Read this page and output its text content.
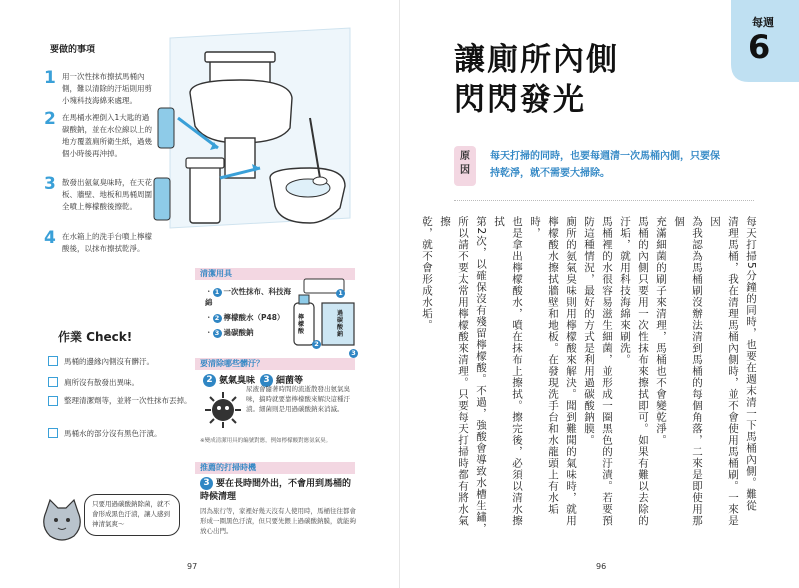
要做的事項
1 用一次性抹布擦拭馬桶內側，難以清除的汙垢則用剪小塊科技海綿來處理。
2 在馬桶水裡倒入1大匙的過碳酸鈉，並在水位線以上的地方覆蓋廁所衛生紙，過幾個小時後再沖掉。
3 散發出氨氣臭味時，在天花板、牆壁、地板和馬桶周圍全噴上檸檬酸後擦乾。
4 在水箱上的洗手台噴上檸檬酸後，以抹布擦拭乾淨。
作業 Check!
馬桶的邊緣內側沒有髒汙。
廁所沒有散發出異味。
整理清潔劑等，並將一次性抹布丟掉。
馬桶水的部分沒有黑色汙漬。
清潔用具
・ 1 一次性抹布、科技海綿
・ 2 檸檬酸水（P48）
・ 3 過碳酸鈉
檸檬酸
過碳酸鈉
1
2
3
要清除哪些髒汙？
2 氨氣臭味 3 細菌等
尿液會隨著時間的流逝散發出氨氣臭味，搞時就要靠檸檬酸來解決這種汙漬。細菌則是用過碳酸鈉來消滅。
※變成清潔用具的編號對應，例如檸檬酸對應氨氣臭。
推薦的打掃時機
3 要在長時間外出，不會用到馬桶的時候清理
因為旅行等，家裡好幾天沒有人使用時，馬桶往往都會形成一圈黑色汙漬，但只要先餵上過碳酸鈉膜，就能夠放心出門。
只要用過碳酸鈉除菌，就不會形成黑色汙漬，讓人感到神清氣爽〜
97
每週
6
讓廁所內側
閃閃發光
原因
每天打掃的同時，也要每週清一次馬桶內側，只要保持乾淨，就不需要大掃除。
每天打掃5分鐘的同時，也要在週末清一下馬桶內側。難從
清理馬桶，我在清理馬桶內側時，並不會使用馬桶刷。一來是因
為我認為馬桶刷沒辦法清到馬桶的每個角落，二來是即使用那個
充滿細菌的刷子來清理，馬桶也不會變乾淨。
馬桶的內側只要用一次性抹布來擦拭即可。如果有難以去除的
汙垢，就用科技海綿來刷洗。
馬桶裡的水很容易滋生細菌，並形成一圈黑色的汙漬。若要預
防這種情況，最好的方式是利用過碳酸鈉膜。
廁所的氨氣臭味則用檸檬酸來解決。聞到難聞的氣味時，就用
檸檬酸水擦拭牆壁和地板。在發現洗手台和水龍頭上有水垢時，
也是拿出檸檬酸水，噴在抹布上擦拭。擦完後，必須以清水擦拭
第2次，以確保沒有殘留檸檬酸。不過，強酸會導致水槽生鏽，
所以請不要太常用檸檬酸來清理。只要每天打掃時都有將水氣擦
乾，就不會形成水垢。
96
